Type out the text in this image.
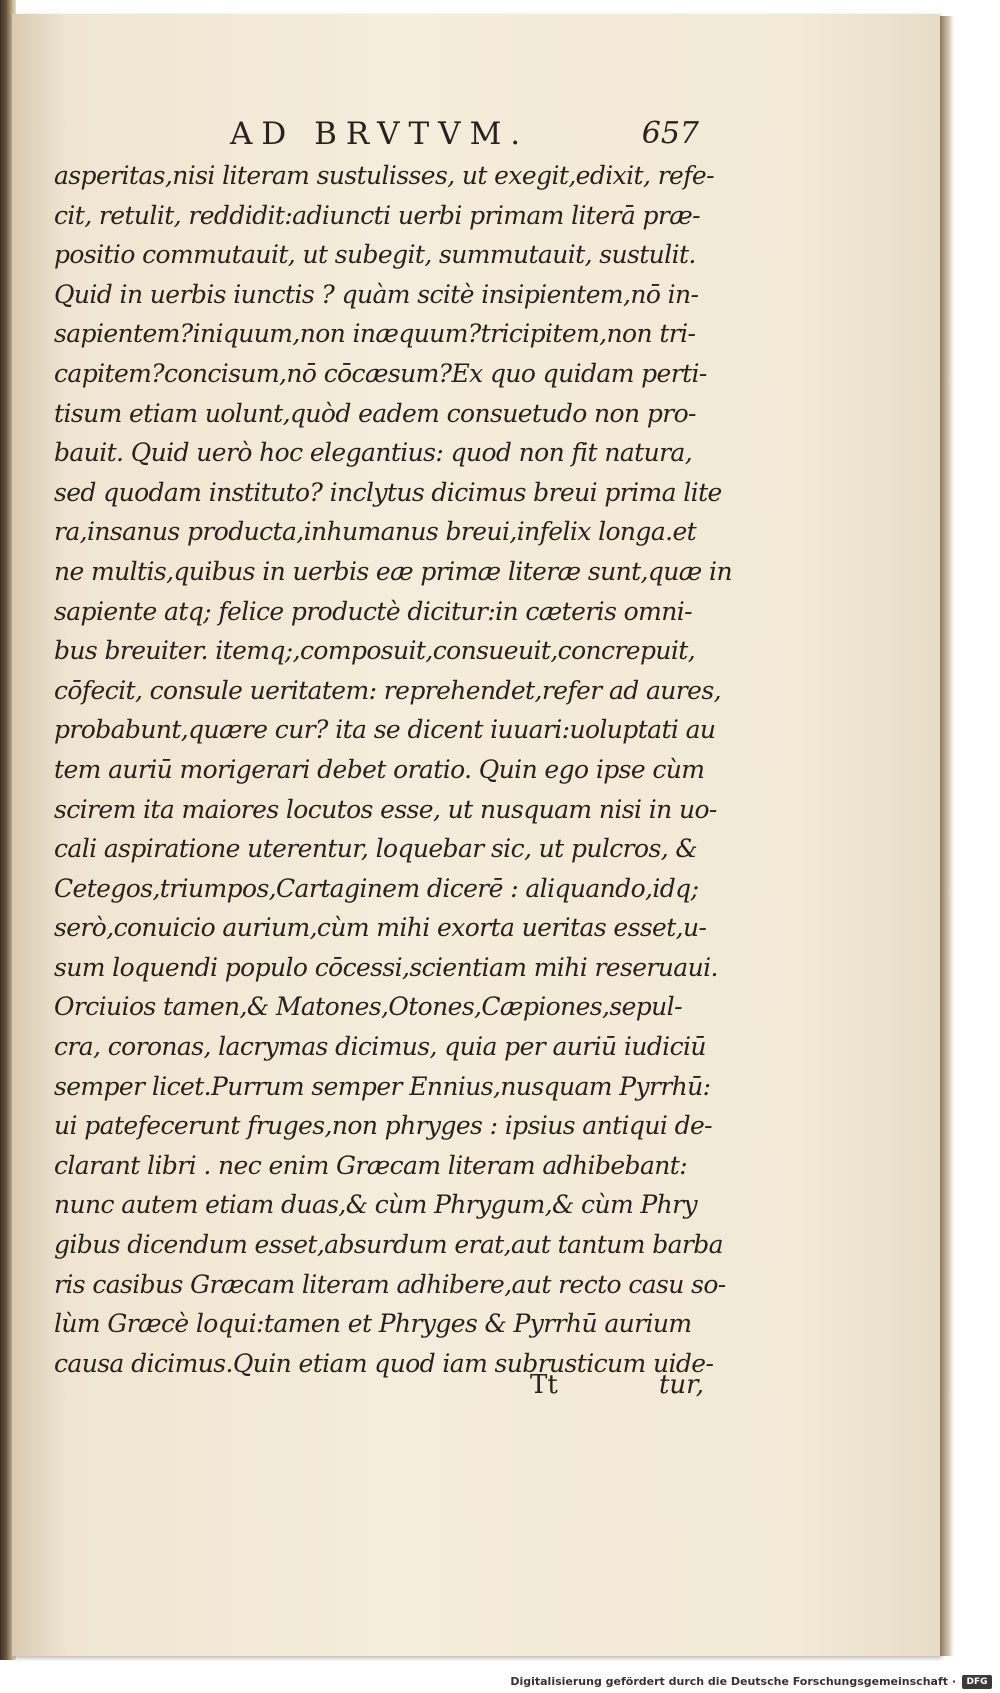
AD BRVTVM.	657
asperitas,nisi literam sustulisses, ut exegit,edixit, refe-
cit, retulit, reddidit:adiuncti uerbi primam literā præ-
positio commutauit, ut subegit, summutauit, sustulit.
Quid in uerbis iunctis ? quàm scitè insipientem,nō in-
sapientem?iniquum,non inæquum?tricipitem,non tri-
capitem?concisum,nō cōcæsum?Ex quo quidam perti-
tisum etiam uolunt,quòd eadem consuetudo non pro-
bauit. Quid uerò hoc elegantius: quod non fit natura,
sed quodam instituto? inclytus dicimus breui prima lite
ra,insanus producta,inhumanus breui,infelix longa.et
ne multis,quibus in uerbis eæ primæ literæ sunt,quæ in
sapiente atq; felice productè dicitur:in cæteris omni-
bus breuiter. itemq;,composuit,consueuit,concrepuit,
cōfecit, consule ueritatem: reprehendet,refer ad aures,
probabunt,quære cur? ita se dicent iuuari:uoluptati au
tem auriū morigerari debet oratio. Quin ego ipse cùm
scirem ita maiores locutos esse, ut nusquam nisi in uo-
cali aspiratione uterentur, loquebar sic, ut pulcros, &
Cetegos,triumpos,Cartaginem dicerē : aliquando,idq;
serò,conuicio aurium,cùm mihi exorta ueritas esset,u-
sum loquendi populo cōcessi,scientiam mihi reseruaui.
Orciuios tamen,& Matones,Otones,Cæpiones,sepul-
cra, coronas, lacrymas dicimus, quia per auriū iudiciū
semper licet.Purrum semper Ennius,nusquam Pyrrhū:
ui patefecerunt fruges,non phryges : ipsius antiqui de-
clarant libri . nec enim Græcam literam adhibebant:
nunc autem etiam duas,& cùm Phrygum,& cùm Phry
gibus dicendum esset,absurdum erat,aut tantum barba
ris casibus Græcam literam adhibere,aut recto casu so-
lùm Græcè loqui:tamen et Phryges & Pyrrhū aurium
causa dicimus.Quin etiam quod iam subrusticum uide-
Tt	tur,
Digitalisierung gefördert durch die Deutsche Forschungsgemeinschaft ·	DFG
